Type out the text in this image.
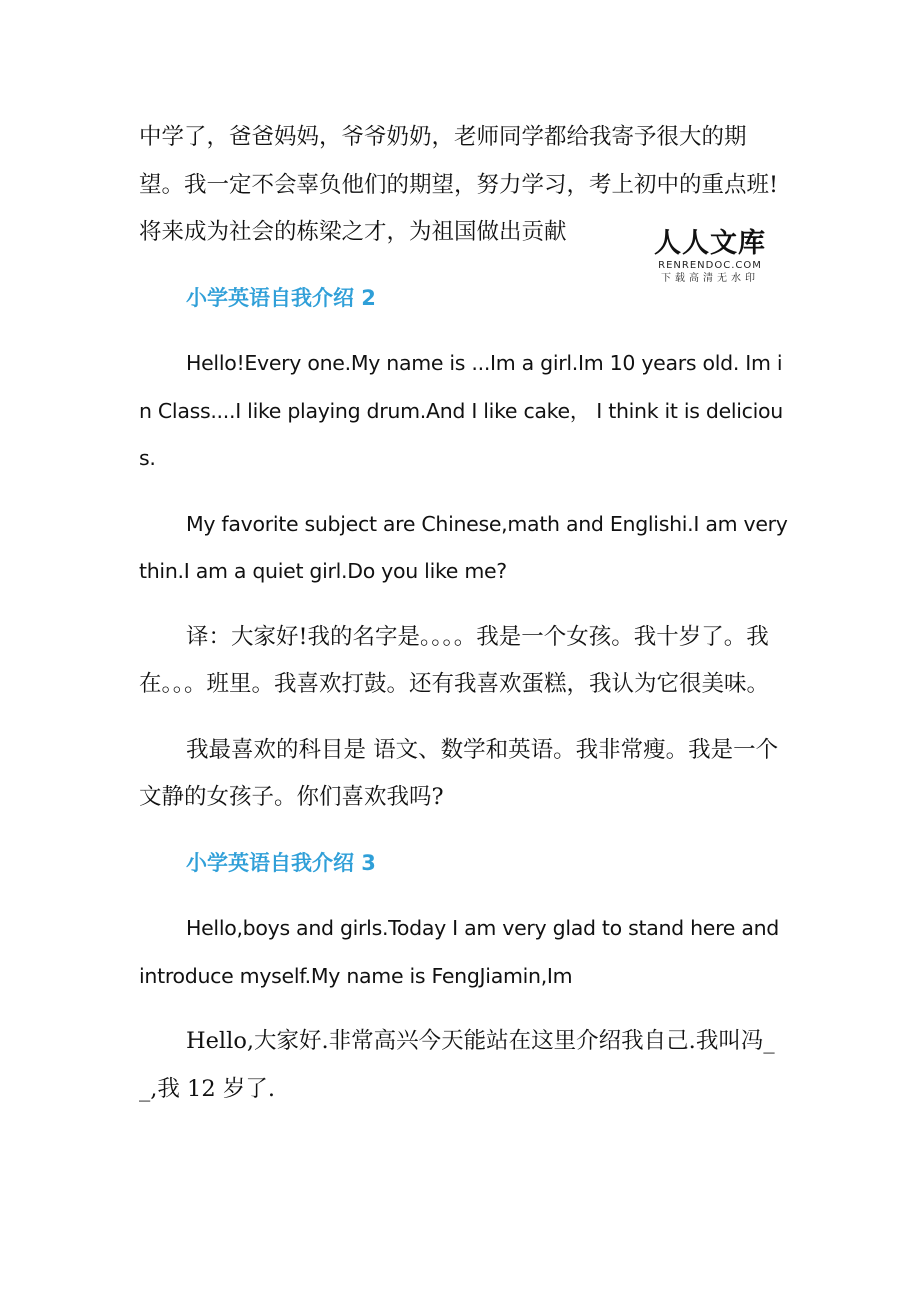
中学了，爸爸妈妈，爷爷奶奶，老师同学都给我寄予很大的期望。我一定不会辜负他们的期望，努力学习，考上初中的重点班!将来成为社会的栋梁之才，为祖国做出贡献

小学英语自我介绍 2

Hello!Every one.My name is ...Im a girl.Im 10 years old. Im in Class....I like playing drum.And I like cake， I think it is delicious.

My favorite subject are Chinese,math and Englishi.I am very thin.I am a quiet girl.Do you like me?

译：大家好!我的名字是。。。。我是一个女孩。我十岁了。我在。。。班里。我喜欢打鼓。还有我喜欢蛋糕，我认为它很美味。

我最喜欢的科目是 语文、数学和英语。我非常瘦。我是一个文静的女孩子。你们喜欢我吗?

小学英语自我介绍 3

Hello,boys and girls.Today I am very glad to stand here and introduce myself.My name is FengJiamin,Im

Hello,大家好.非常高兴今天能站在这里介绍我自己.我叫冯__,我 12 岁了.

人人文库
RENRENDOC.COM
下载高清无水印
